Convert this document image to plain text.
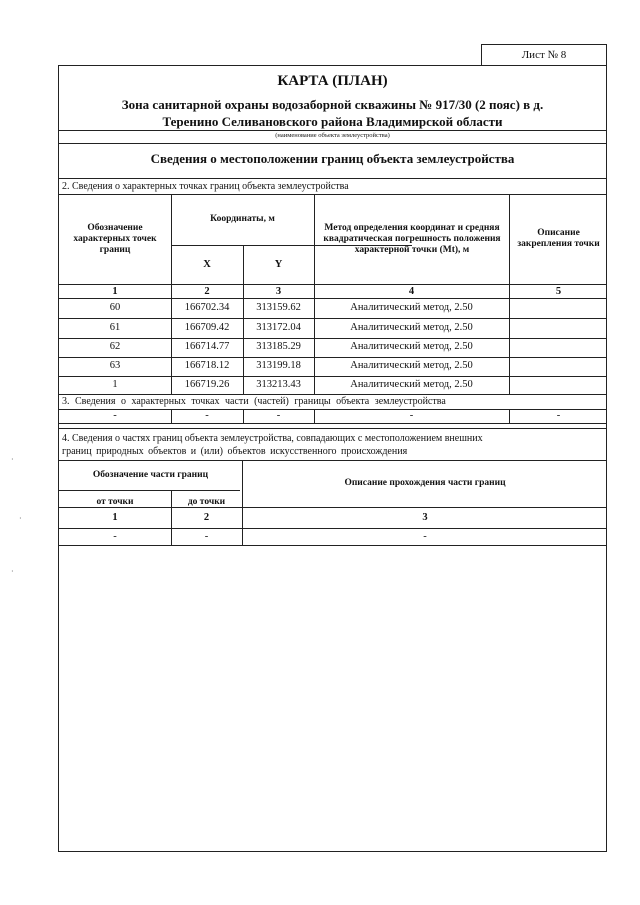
Лист № 8
·
·
·
КАРТА (ПЛАН)
Зона санитарной охраны водозаборной скважины № 917/30 (2 пояс) в д.
Теренино Селивановского района Владимирской области
(наименование объекта землеустройства)
Сведения о местоположении границ объекта землеустройства
2. Сведения о характерных точках границ объекта землеустройства
Обозначение характерных точек границ
Координаты, м
X	Y
Метод определения координат и средняя квадратическая погрешность положения характерной точки (Mt), м
Описание закрепления точки
1	2	3	4	5
60	166702.34	313159.62	Аналитический метод, 2.50
61	166709.42	313172.04	Аналитический метод, 2.50
62	166714.77	313185.29	Аналитический метод, 2.50
63	166718.12	313199.18	Аналитический метод, 2.50
1	166719.26	313213.43	Аналитический метод, 2.50
3. Сведения о характерных точках части (частей) границы объекта землеустройства
-	-	-	-	-
4. Сведения о частях границ объекта землеустройства, совпадающих с местоположением внешних
границ природных объектов и (или) объектов искусственного происхождения
Обозначение части границ
от точки	до точки
Описание прохождения части границ
1	2	3
-	-	-
